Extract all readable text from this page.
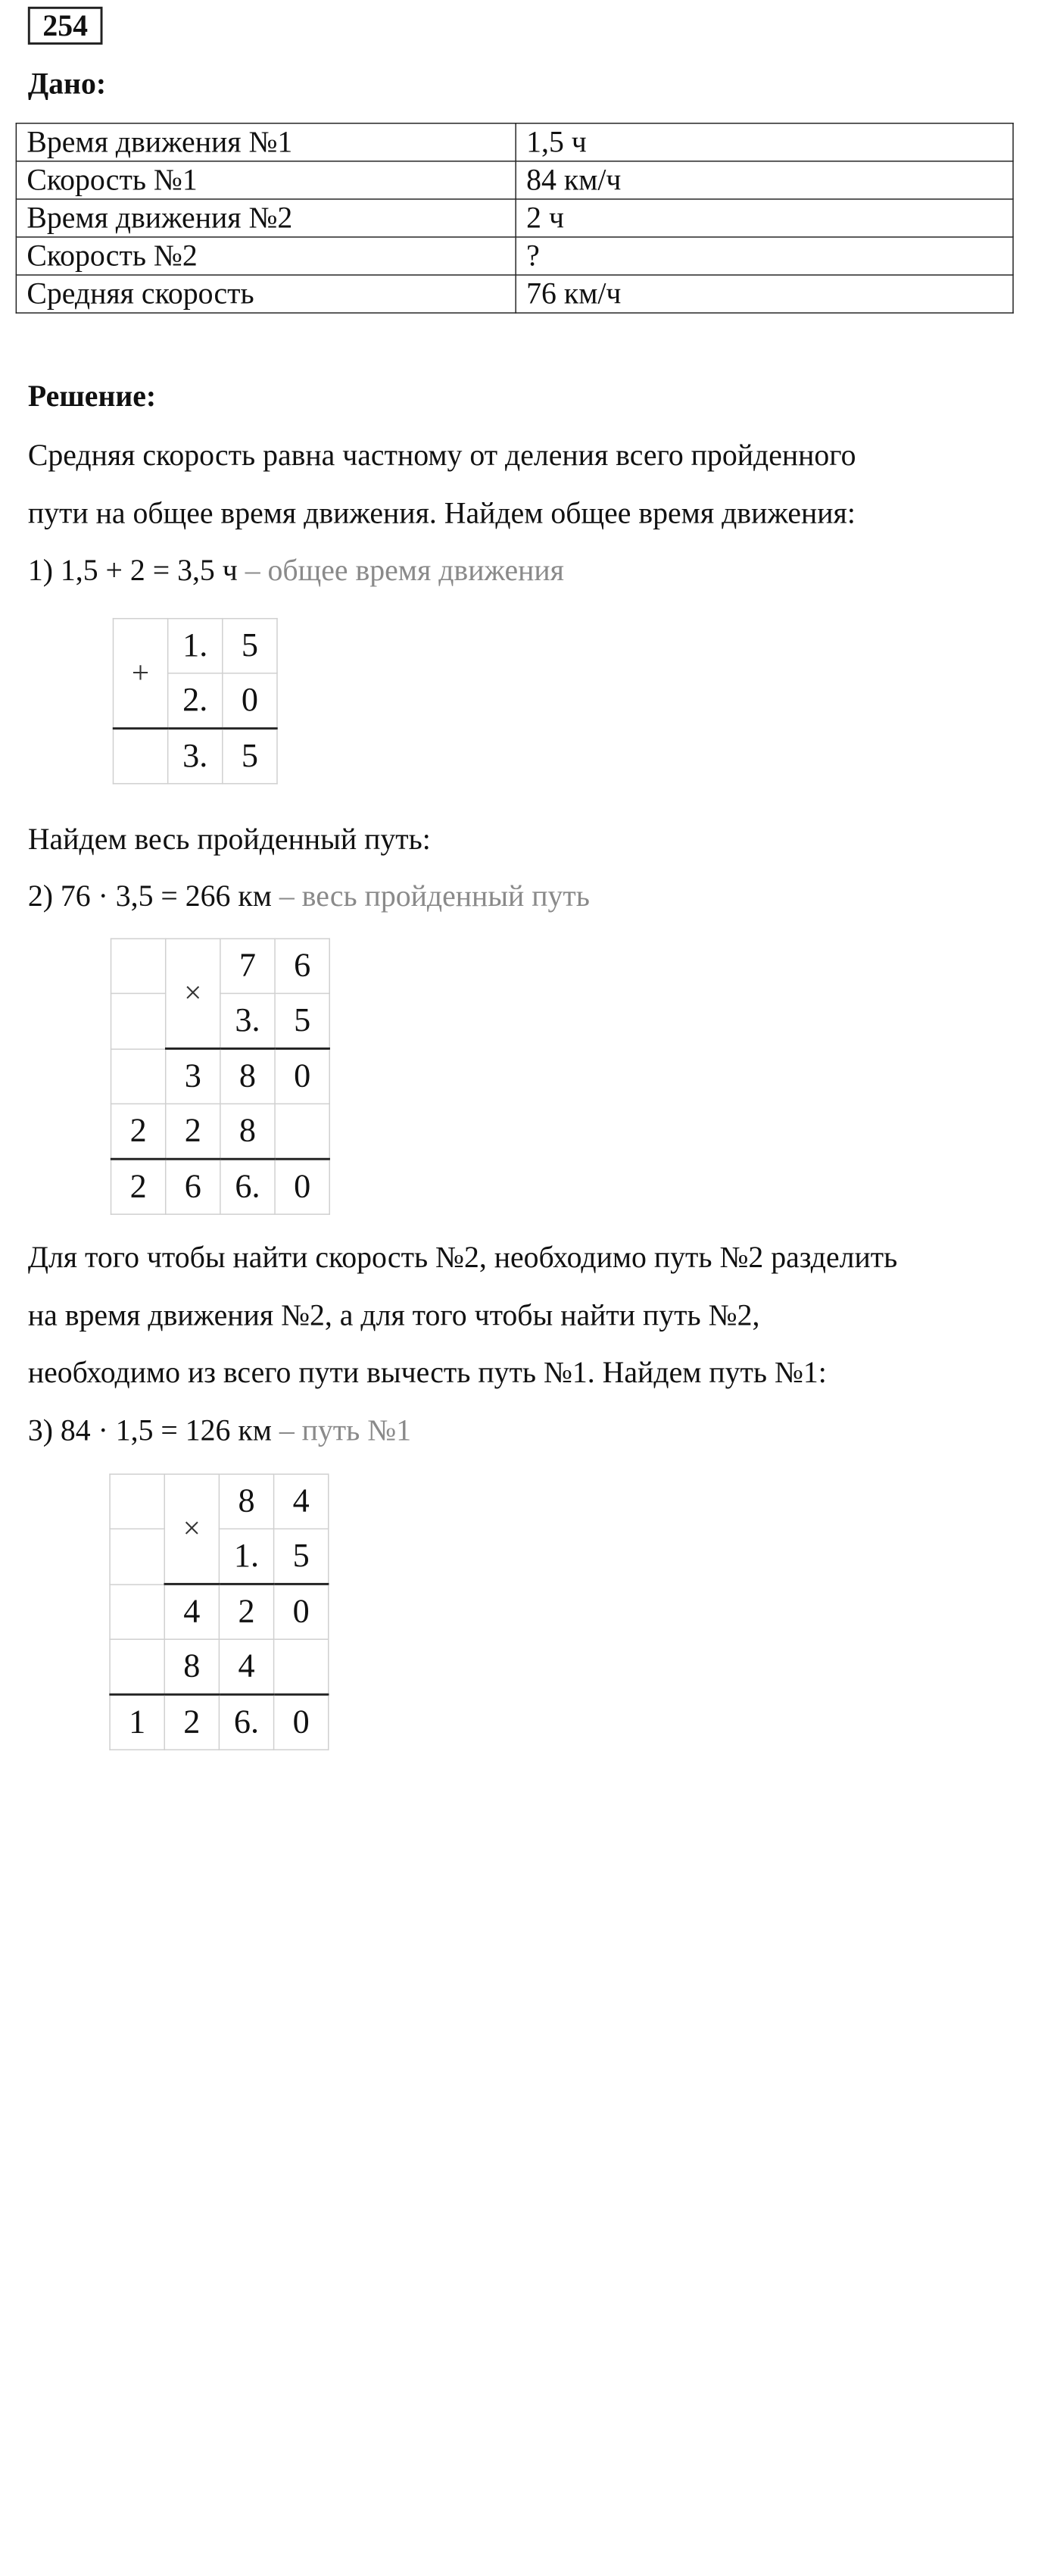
254
Дано:
Время движения №1	1,5 ч
Скорость №1	84 км/ч
Время движения №2	2 ч
Скорость №2	?
Средняя скорость	76 км/ч
Решение:
Средняя скорость равна частному от деления всего пройденного
пути на общее время движения. Найдем общее время движения:
1) 1,5 + 2 = 3,5 ч – общее время движения
+	1.	5
	2.	0
	3.	5
Найдем весь пройденный путь:
2) 76 · 3,5 = 266 км – весь пройденный путь
	×	7	6
		3.	5
	3	8	0
2	2	8	
2	6	6.	0
Для того чтобы найти скорость №2, необходимо путь №2 разделить
на время движения №2, а для того чтобы найти путь №2,
необходимо из всего пути вычесть путь №1. Найдем путь №1:
3) 84 · 1,5 = 126 км – путь №1
	×	8	4
		1.	5
	4	2	0
	8	4	
1	2	6.	0
